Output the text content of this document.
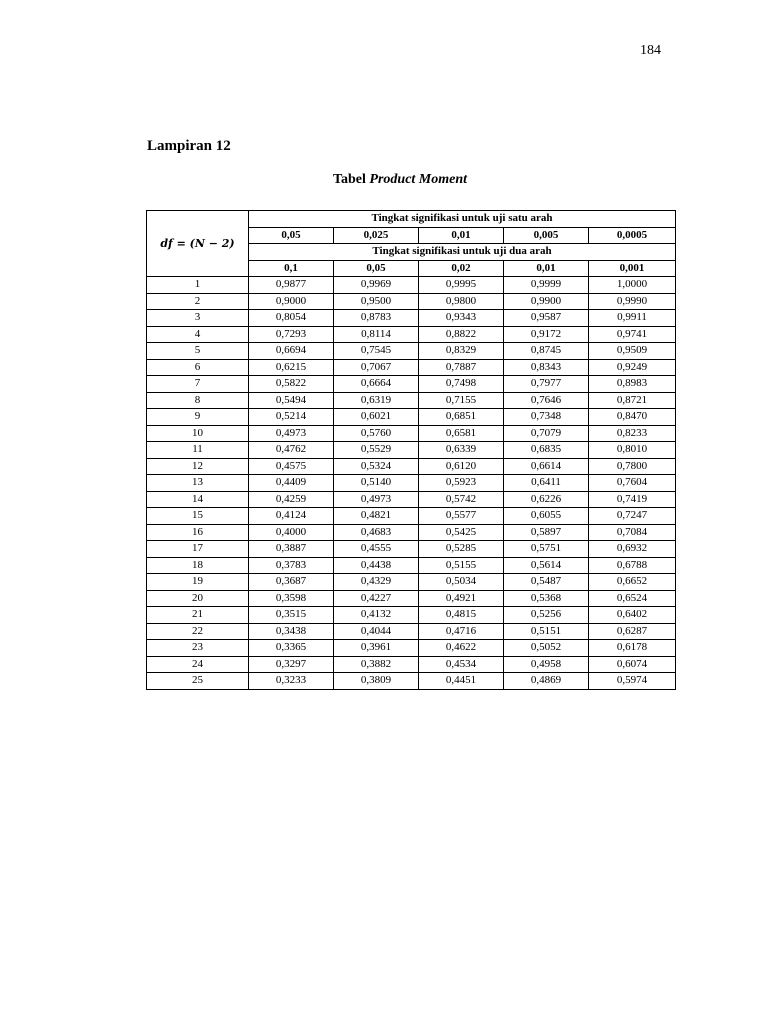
184
Lampiran 12
Tabel Product Moment
df = (N − 2)	Tingkat signifikasi untuk uji satu arah				
	0,05	0,025	0,01	0,005	0,0005
	Tingkat signifikasi untuk uji dua arah				
	0,1	0,05	0,02	0,01	0,001
1	0,9877	0,9969	0,9995	0,9999	1,0000
2	0,9000	0,9500	0,9800	0,9900	0,9990
3	0,8054	0,8783	0,9343	0,9587	0,9911
4	0,7293	0,8114	0,8822	0,9172	0,9741
5	0,6694	0,7545	0,8329	0,8745	0,9509
6	0,6215	0,7067	0,7887	0,8343	0,9249
7	0,5822	0,6664	0,7498	0,7977	0,8983
8	0,5494	0,6319	0,7155	0,7646	0,8721
9	0,5214	0,6021	0,6851	0,7348	0,8470
10	0,4973	0,5760	0,6581	0,7079	0,8233
11	0,4762	0,5529	0,6339	0,6835	0,8010
12	0,4575	0,5324	0,6120	0,6614	0,7800
13	0,4409	0,5140	0,5923	0,6411	0,7604
14	0,4259	0,4973	0,5742	0,6226	0,7419
15	0,4124	0,4821	0,5577	0,6055	0,7247
16	0,4000	0,4683	0,5425	0,5897	0,7084
17	0,3887	0,4555	0,5285	0,5751	0,6932
18	0,3783	0,4438	0,5155	0,5614	0,6788
19	0,3687	0,4329	0,5034	0,5487	0,6652
20	0,3598	0,4227	0,4921	0,5368	0,6524
21	0,3515	0,4132	0,4815	0,5256	0,6402
22	0,3438	0,4044	0,4716	0,5151	0,6287
23	0,3365	0,3961	0,4622	0,5052	0,6178
24	0,3297	0,3882	0,4534	0,4958	0,6074
25	0,3233	0,3809	0,4451	0,4869	0,5974
